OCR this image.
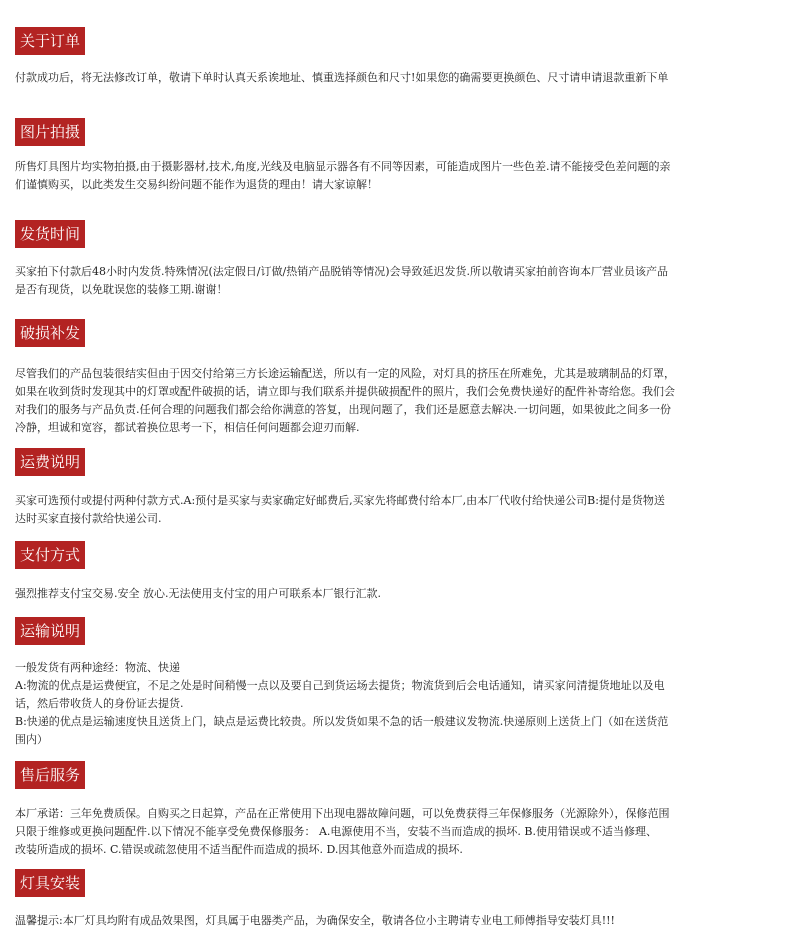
关于订单

付款成功后，将无法修改订单，敬请下单时认真天系诶地址、慎重选择颜色和尺寸!如果您的确需要更换颜色、尺寸请申请退款重新下单

图片拍摄

所售灯具图片均实物拍摄,由于摄影器材,技术,角度,光线及电脑显示器各有不同等因素，可能造成图片一些色差.请不能接受色差问题的亲

们谨慎购买，以此类发生交易纠纷问题不能作为退货的理由！请大家谅解！

发货时间

买家拍下付款后48小时内发货.特殊情况(法定假日/订做/热销产品脱销等情况)会导致延迟发货.所以敬请买家拍前咨询本厂营业员该产品

是否有现货，以免耽误您的装修工期.谢谢！

破损补发

尽管我们的产品包装很结实但由于因交付给第三方长途运输配送，所以有一定的风险，对灯具的挤压在所难免，尤其是玻璃制品的灯罩，

如果在收到货时发现其中的灯罩或配件破损的话，请立即与我们联系并提供破损配件的照片，我们会免费快递好的配件补寄给您。我们会

对我们的服务与产品负责.任何合理的问题我们都会给你满意的答复，出现问题了，我们还是愿意去解决.一切问题，如果彼此之间多一份

冷静，坦诚和宽容，都试着换位思考一下，相信任何问题都会迎刃而解.

运费说明

买家可选预付或提付两种付款方式.A:预付是买家与卖家确定好邮费后,买家先将邮费付给本厂,由本厂代收付给快递公司B:提付是货物送

达时买家直接付款给快递公司.

支付方式

强烈推荐支付宝交易.安全 放心.无法使用支付宝的用户可联系本厂银行汇款.

运输说明

一般发货有两种途经：物流、快递

A:物流的优点是运费便宜，不足之处是时间稍慢一点以及要自己到货运场去提货；物流货到后会电话通知，请买家问清提货地址以及电

话，然后带收货人的身份证去提货.

B:快递的优点是运输速度快且送货上门，缺点是运费比较贵。所以发货如果不急的话一般建议发物流.快递原则上送货上门（如在送货范

围内）

售后服务

本厂承诺：三年免费质保。自购买之日起算，产品在正常使用下出现电器故障问题，可以免费获得三年保修服务（光源除外），保修范围

只限于维修或更换问题配件.以下情况不能享受免费保修服务： A.电源使用不当，安装不当而造成的损坏. B.使用错误或不适当修理、

改装所造成的损坏. C.错误或疏忽使用不适当配件而造成的损坏. D.因其他意外而造成的损坏.

灯具安装

温馨提示:本厂灯具均附有成品效果图，灯具属于电器类产品，为确保安全，敬请各位小主聘请专业电工师傅指导安装灯具!!!
